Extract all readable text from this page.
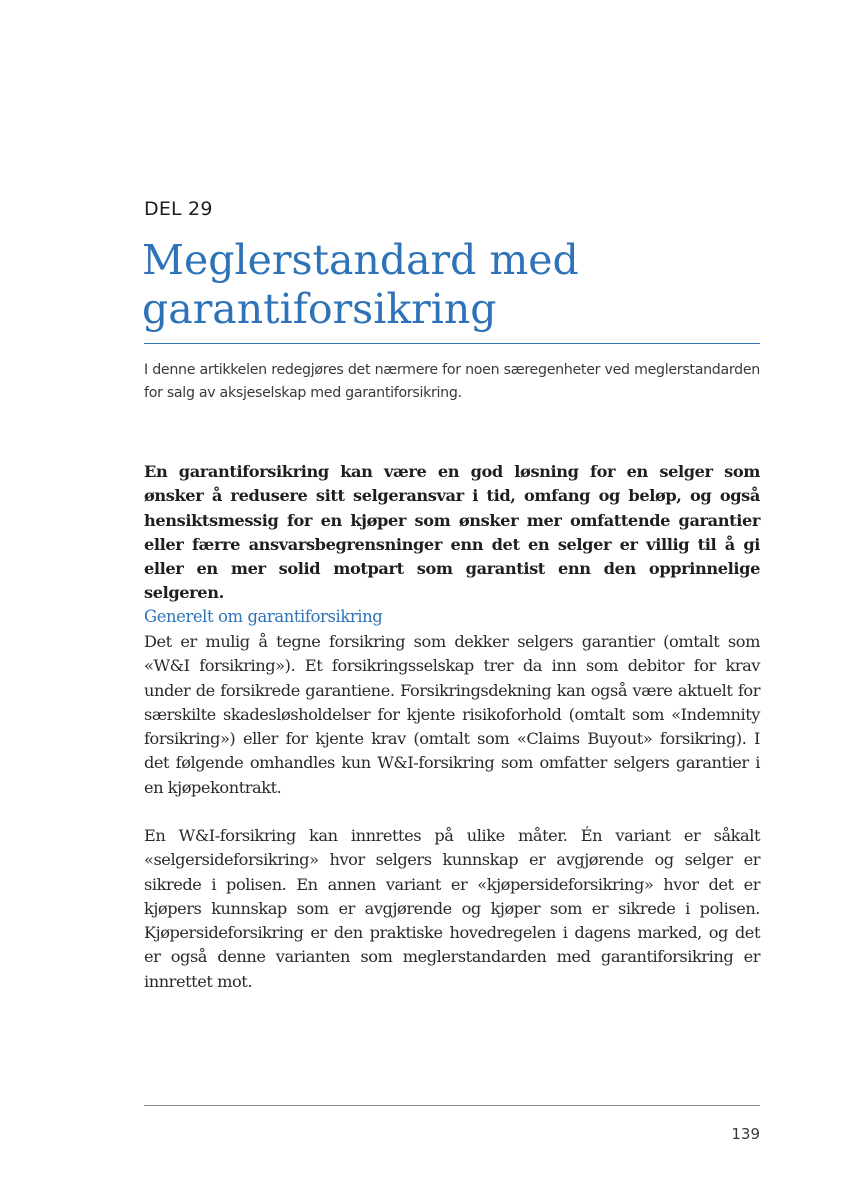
DEL 29
Meglerstandard med garantiforsikring
I denne artikkelen redegjøres det nærmere for noen særegenheter ved meglerstandarden for salg av aksjeselskap med garantiforsikring.
En garantiforsikring kan være en god løsning for en selger som ønsker å redusere sitt selgeransvar i tid, omfang og beløp, og også hensiktsmessig for en kjøper som ønsker mer omfattende garantier eller færre ansvarsbegrensninger enn det en selger er villig til å gi eller en mer solid motpart som garantist enn den opprinnelige selgeren.
Generelt om garantiforsikring
Det er mulig å tegne forsikring som dekker selgers garantier (omtalt som «W&I forsikring»). Et forsikringsselskap trer da inn som debitor for krav under de forsikrede garantiene. Forsikringsdekning kan også være aktuelt for særskilte skadesløsholdelser for kjente risikoforhold (omtalt som «Indemnity forsikring») eller for kjente krav (omtalt som «Claims Buyout» forsikring). I det følgende omhandles kun W&I-forsikring som omfatter selgers garantier i en kjøpekontrakt.
En W&I-forsikring kan innrettes på ulike måter. Én variant er såkalt «selgersideforsikring» hvor selgers kunnskap er avgjørende og selger er sikrede i polisen. En annen variant er «kjøpersideforsikring» hvor det er kjøpers kunnskap som er avgjørende og kjøper som er sikrede i polisen. Kjøpersideforsikring er den praktiske hovedregelen i dagens marked, og det er også denne varianten som meglerstandarden med garantiforsikring er innrettet mot.
139
